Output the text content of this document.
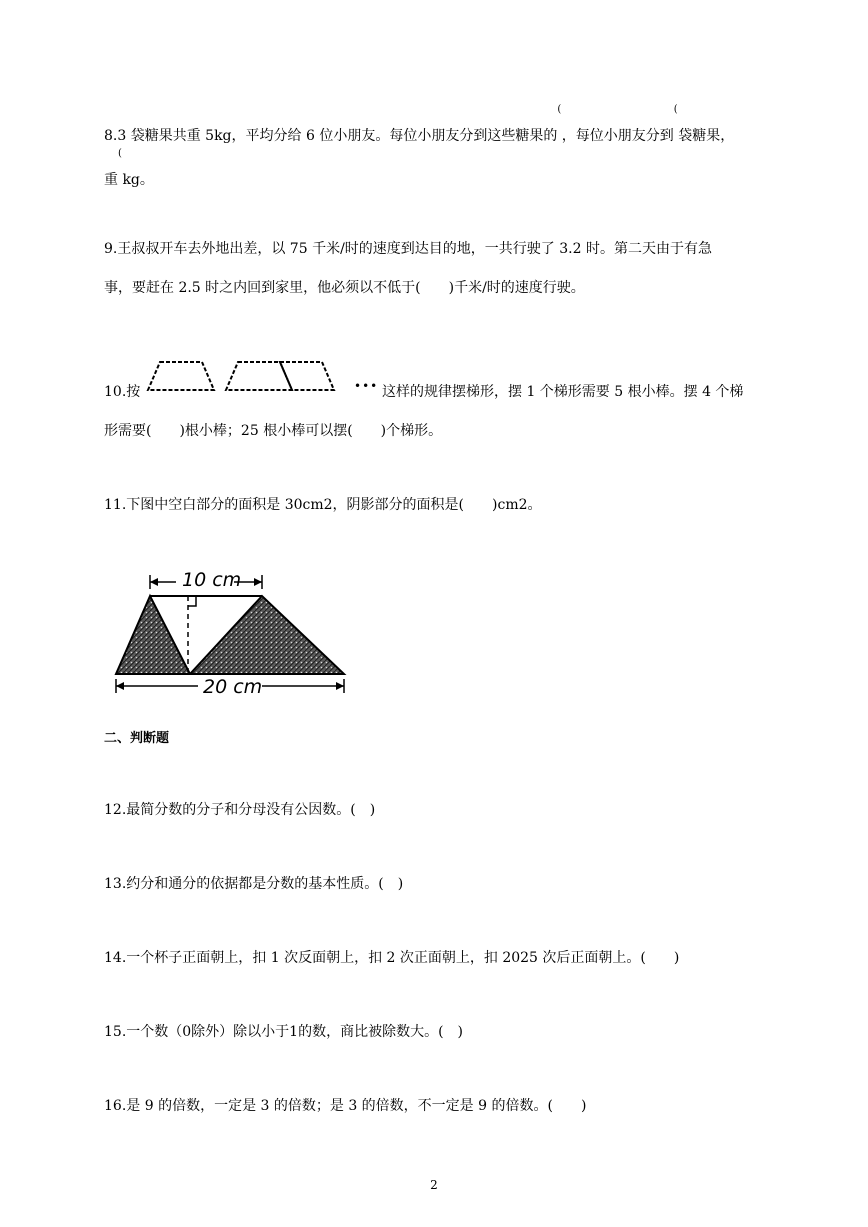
8.3 袋糖果共重 5kg，平均分给 6 位小朋友。每位小朋友分到这些糖果的
(
，每位小朋友分到
(
袋糖果，
重
(
kg。
9.王叔叔开车去外地出差，以 75 千米/时的速度到达目的地，一共行驶了 3.2 时。第二天由于有急
事，要赶在 2.5 时之内回到家里，他必须以不低于(　　)千米/时的速度行驶。
10.按	••• 这样的规律摆梯形，摆 1 个梯形需要 5 根小棒。摆 4 个梯
形需要(　　)根小棒；25 根小棒可以摆(　　)个梯形。
11.下图中空白部分的面积是 30cm2，阴影部分的面积是(　　)cm2。
10 cm
20 cm
二、判断题
12.最简分数的分子和分母没有公因数。(　)
13.约分和通分的依据都是分数的基本性质。(　)
14.一个杯子正面朝上，扣 1 次反面朝上，扣 2 次正面朝上，扣 2025 次后正面朝上。(　　)
15.一个数（0除外）除以小于1的数，商比被除数大。(　)
16.是 9 的倍数，一定是 3 的倍数；是 3 的倍数，不一定是 9 的倍数。(　　)
2
